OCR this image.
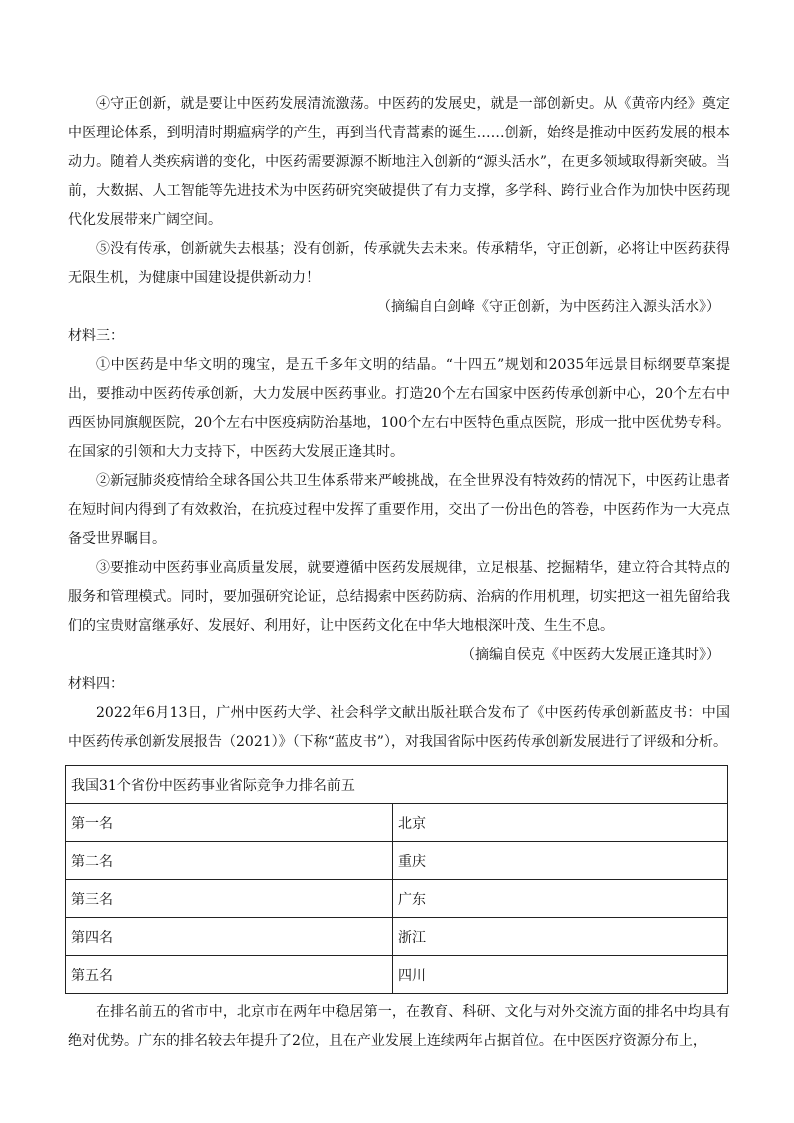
④守正创新，就是要让中医药发展清流激荡。中医药的发展史，就是一部创新史。从《黄帝内经》奠定中医理论体系，到明清时期瘟病学的产生，再到当代青蒿素的诞生……创新，始终是推动中医药发展的根本动力。随着人类疾病谱的变化，中医药需要源源不断地注入创新的“源头活水”，在更多领域取得新突破。当前，大数据、人工智能等先进技术为中医药研究突破提供了有力支撑，多学科、跨行业合作为加快中医药现代化发展带来广阔空间。

⑤没有传承，创新就失去根基；没有创新，传承就失去未来。传承精华，守正创新，必将让中医药获得无限生机，为健康中国建设提供新动力！

（摘编自白剑峰《守正创新，为中医药注入源头活水》）

材料三：

①中医药是中华文明的瑰宝，是五千多年文明的结晶。“十四五”规划和2035年远景目标纲要草案提出，要推动中医药传承创新，大力发展中医药事业。打造20个左右国家中医药传承创新中心，20个左右中西医协同旗舰医院，20个左右中医疫病防治基地，100个左右中医特色重点医院，形成一批中医优势专科。在国家的引领和大力支持下，中医药大发展正逢其时。

②新冠肺炎疫情给全球各国公共卫生体系带来严峻挑战，在全世界没有特效药的情况下，中医药让患者在短时间内得到了有效救治，在抗疫过程中发挥了重要作用，交出了一份出色的答卷，中医药作为一大亮点备受世界瞩目。

③要推动中医药事业高质量发展，就要遵循中医药发展规律，立足根基、挖掘精华，建立符合其特点的服务和管理模式。同时，要加强研究论证，总结揭索中医药防病、治病的作用机理，切实把这一祖先留给我们的宝贵财富继承好、发展好、利用好，让中医药文化在中华大地根深叶茂、生生不息。

（摘编自侯克《中医药大发展正逢其时》）

材料四：

2022年6月13日，广州中医药大学、社会科学文献出版社联合发布了《中医药传承创新蓝皮书：中国中医药传承创新发展报告（2021）》（下称“蓝皮书”），对我国省际中医药传承创新发展进行了评级和分析。

我国31个省份中医药事业省际竞争力排名前五	
第一名	北京
第二名	重庆
第三名	广东
第四名	浙江
第五名	四川

在排名前五的省市中，北京市在两年中稳居第一，在教育、科研、文化与对外交流方面的排名中均具有绝对优势。广东的排名较去年提升了2位，且在产业发展上连续两年占据首位。在中医医疗资源分布上，
